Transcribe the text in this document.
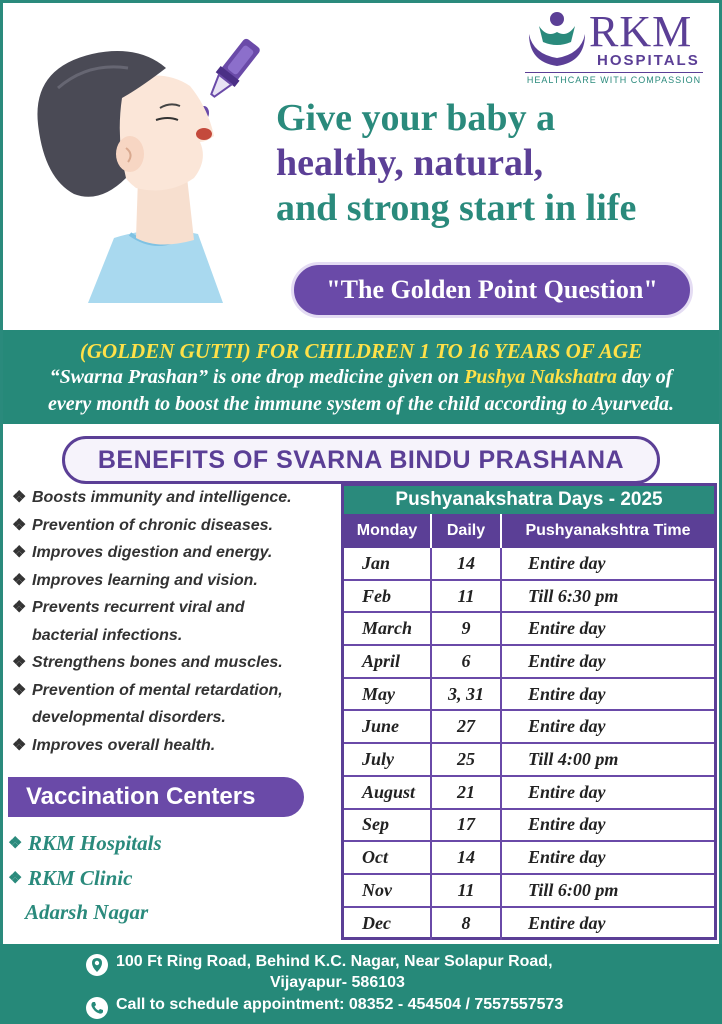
RKM
HOSPITALS
HEALTHCARE WITH COMPASSION
Give your baby a
healthy, natural,
and strong start in life
"The Golden Point Question"
(GOLDEN GUTTI) FOR CHILDREN 1 TO 16 YEARS OF AGE
“Swarna Prashan” is one drop medicine given on Pushya Nakshatra day of
every month to boost the immune system of the child according to Ayurveda.
BENEFITS OF SVARNA BINDU PRASHANA
❖ Boosts immunity and intelligence.
❖ Prevention of chronic diseases.
❖ Improves digestion and energy.
❖ Improves learning and vision.
❖ Prevents recurrent viral and
bacterial infections.
❖ Strengthens bones and muscles.
❖ Prevention of mental retardation,
developmental disorders.
❖ Improves overall health.
Vaccination Centers
❖ RKM Hospitals
❖ RKM Clinic
Adarsh Nagar
Pushyanakshatra Days - 2025
Monday	Daily	Pushyanakshtra Time
Jan	14	Entire day
Feb	11	Till 6:30 pm
March	9	Entire day
April	6	Entire day
May	3, 31	Entire day
June	27	Entire day
July	25	Till 4:00 pm
August	21	Entire day
Sep	17	Entire day
Oct	14	Entire day
Nov	11	Till 6:00 pm
Dec	8	Entire day
100 Ft Ring Road, Behind K.C. Nagar, Near Solapur Road,
Vijayapur- 586103
Call to schedule appointment: 08352 - 454504 / 7557557573
